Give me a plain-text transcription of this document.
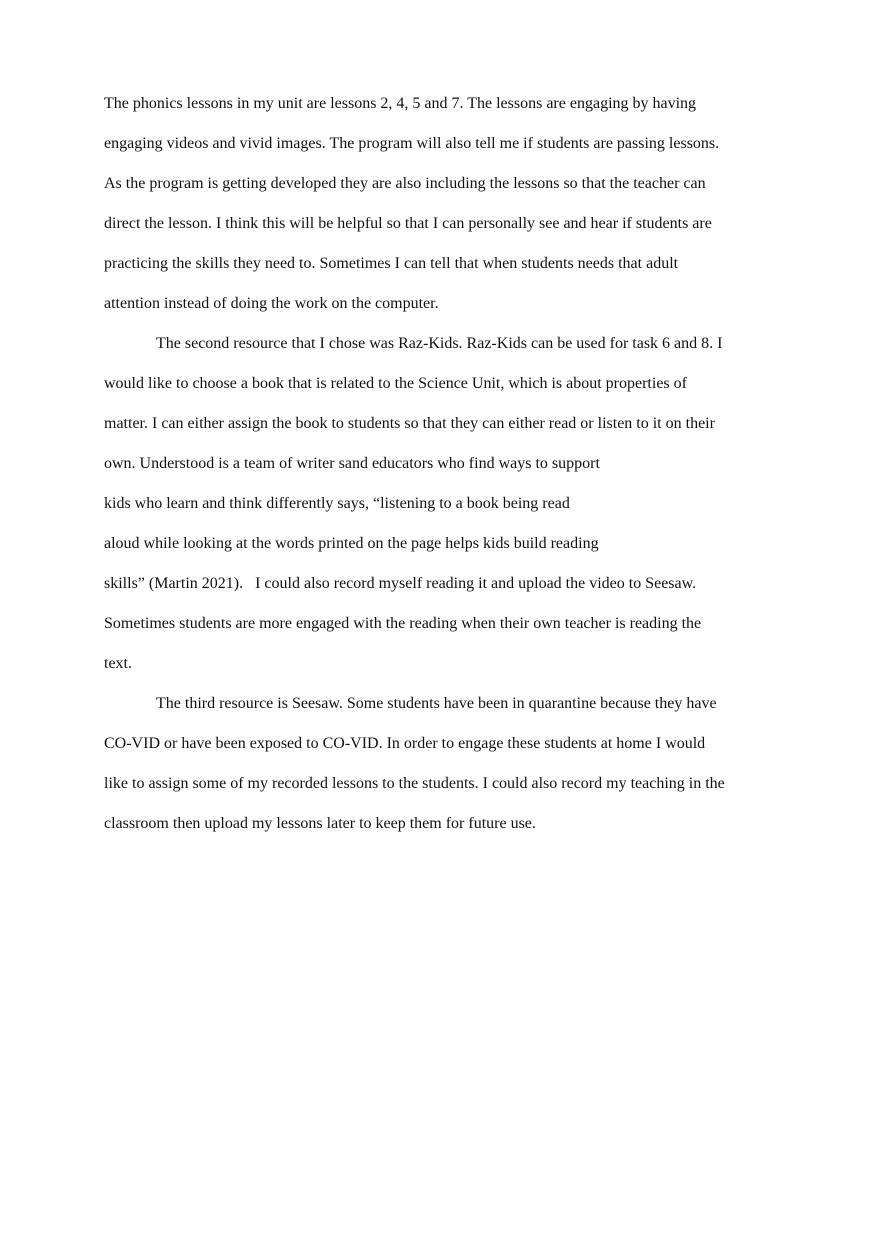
The phonics lessons in my unit are lessons 2, 4, 5 and 7. The lessons are engaging by having
engaging videos and vivid images. The program will also tell me if students are passing lessons.
As the program is getting developed they are also including the lessons so that the teacher can
direct the lesson. I think this will be helpful so that I can personally see and hear if students are
practicing the skills they need to. Sometimes I can tell that when students needs that adult
attention instead of doing the work on the computer.
The second resource that I chose was Raz-Kids. Raz-Kids can be used for task 6 and 8. I
would like to choose a book that is related to the Science Unit, which is about properties of
matter. I can either assign the book to students so that they can either read or listen to it on their
own. Understood is a team of writer sand educators who find ways to support
kids who learn and think differently says, “listening to a book being read
aloud while looking at the words printed on the page helps kids build reading
skills” (Martin 2021).   I could also record myself reading it and upload the video to Seesaw.
Sometimes students are more engaged with the reading when their own teacher is reading the
text.
The third resource is Seesaw. Some students have been in quarantine because they have
CO-VID or have been exposed to CO-VID. In order to engage these students at home I would
like to assign some of my recorded lessons to the students. I could also record my teaching in the
classroom then upload my lessons later to keep them for future use.
